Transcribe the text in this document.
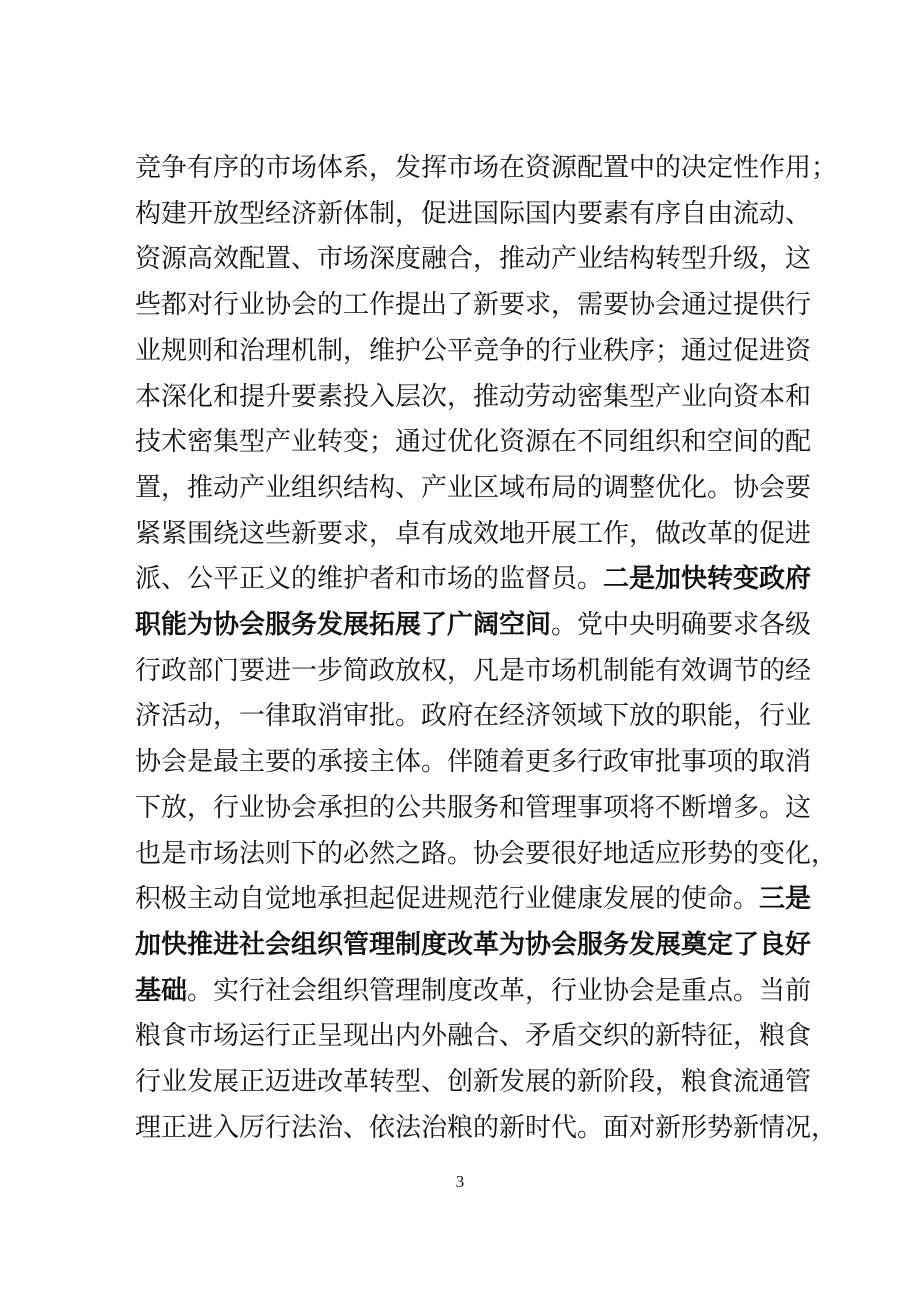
竞争有序的市场体系，发挥市场在资源配置中的决定性作用；
构建开放型经济新体制，促进国际国内要素有序自由流动、
资源高效配置、市场深度融合，推动产业结构转型升级，这
些都对行业协会的工作提出了新要求，需要协会通过提供行
业规则和治理机制，维护公平竞争的行业秩序；通过促进资
本深化和提升要素投入层次，推动劳动密集型产业向资本和
技术密集型产业转变；通过优化资源在不同组织和空间的配
置，推动产业组织结构、产业区域布局的调整优化。协会要
紧紧围绕这些新要求，卓有成效地开展工作，做改革的促进
派、公平正义的维护者和市场的监督员。二是加快转变政府
职能为协会服务发展拓展了广阔空间。党中央明确要求各级
行政部门要进一步简政放权，凡是市场机制能有效调节的经
济活动，一律取消审批。政府在经济领域下放的职能，行业
协会是最主要的承接主体。伴随着更多行政审批事项的取消
下放，行业协会承担的公共服务和管理事项将不断增多。这
也是市场法则下的必然之路。协会要很好地适应形势的变化，
积极主动自觉地承担起促进规范行业健康发展的使命。三是
加快推进社会组织管理制度改革为协会服务发展奠定了良好
基础。实行社会组织管理制度改革，行业协会是重点。当前
粮食市场运行正呈现出内外融合、矛盾交织的新特征，粮食
行业发展正迈进改革转型、创新发展的新阶段，粮食流通管
理正进入厉行法治、依法治粮的新时代。面对新形势新情况，
3
